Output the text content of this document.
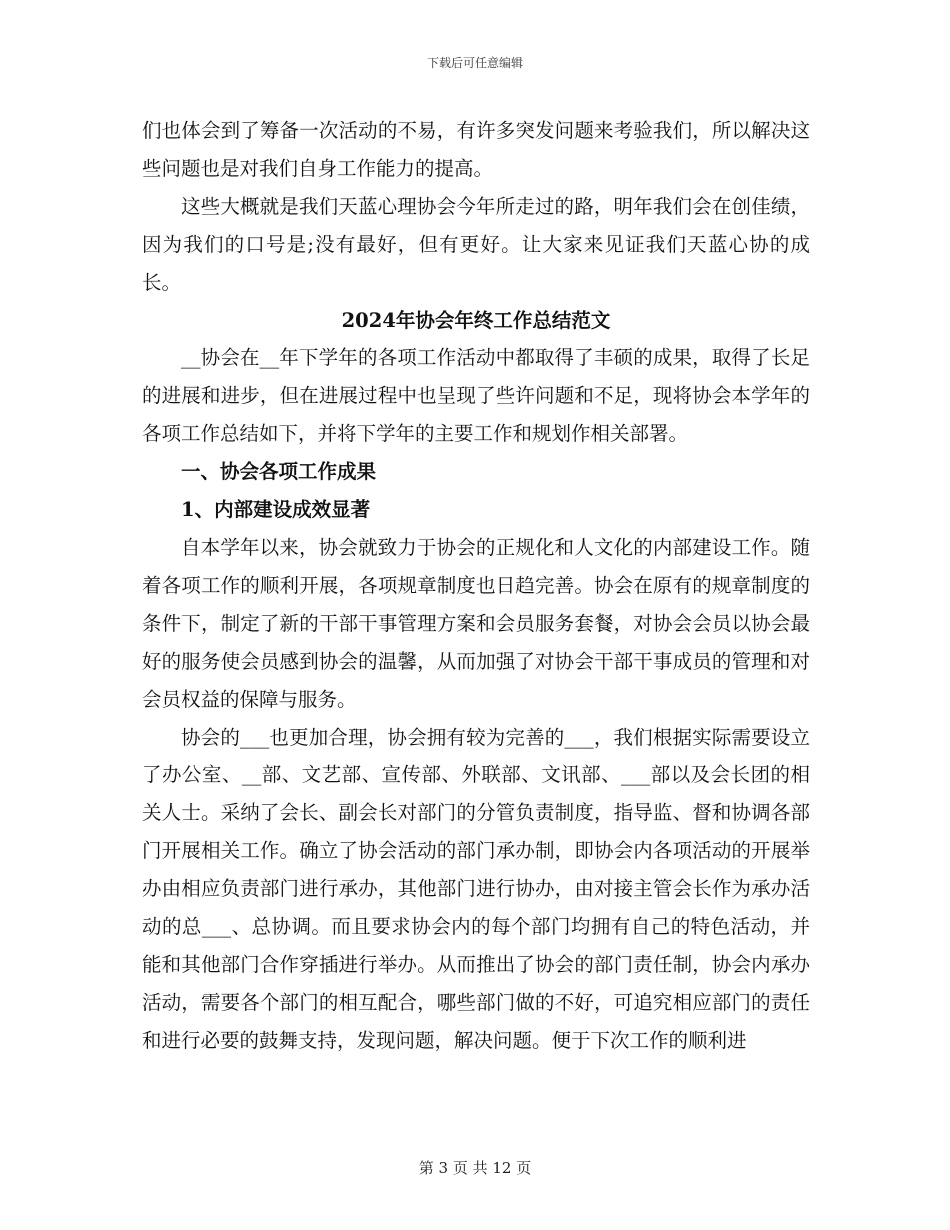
下载后可任意编辑

们也体会到了筹备一次活动的不易，有许多突发问题来考验我们，所以解决这些问题也是对我们自身工作能力的提高。

这些大概就是我们天蓝心理协会今年所走过的路，明年我们会在创佳绩，因为我们的口号是;没有最好，但有更好。让大家来见证我们天蓝心协的成长。

2024年协会年终工作总结范文

__协会在__年下学年的各项工作活动中都取得了丰硕的成果，取得了长足的进展和进步，但在进展过程中也呈现了些许问题和不足，现将协会本学年的各项工作总结如下，并将下学年的主要工作和规划作相关部署。

一、协会各项工作成果

1、内部建设成效显著

自本学年以来，协会就致力于协会的正规化和人文化的内部建设工作。随着各项工作的顺利开展，各项规章制度也日趋完善。协会在原有的规章制度的条件下，制定了新的干部干事管理方案和会员服务套餐，对协会会员以协会最好的服务使会员感到协会的温馨，从而加强了对协会干部干事成员的管理和对会员权益的保障与服务。

协会的___也更加合理，协会拥有较为完善的___，我们根据实际需要设立了办公室、__部、文艺部、宣传部、外联部、文讯部、___部以及会长团的相关人士。采纳了会长、副会长对部门的分管负责制度，指导监、督和协调各部门开展相关工作。确立了协会活动的部门承办制，即协会内各项活动的开展举办由相应负责部门进行承办，其他部门进行协办，由对接主管会长作为承办活动的总___、总协调。而且要求协会内的每个部门均拥有自己的特色活动，并能和其他部门合作穿插进行举办。从而推出了协会的部门责任制，协会内承办活动，需要各个部门的相互配合，哪些部门做的不好，可追究相应部门的责任和进行必要的鼓舞支持，发现问题，解决问题。便于下次工作的顺利进

第 3 页 共 12 页
